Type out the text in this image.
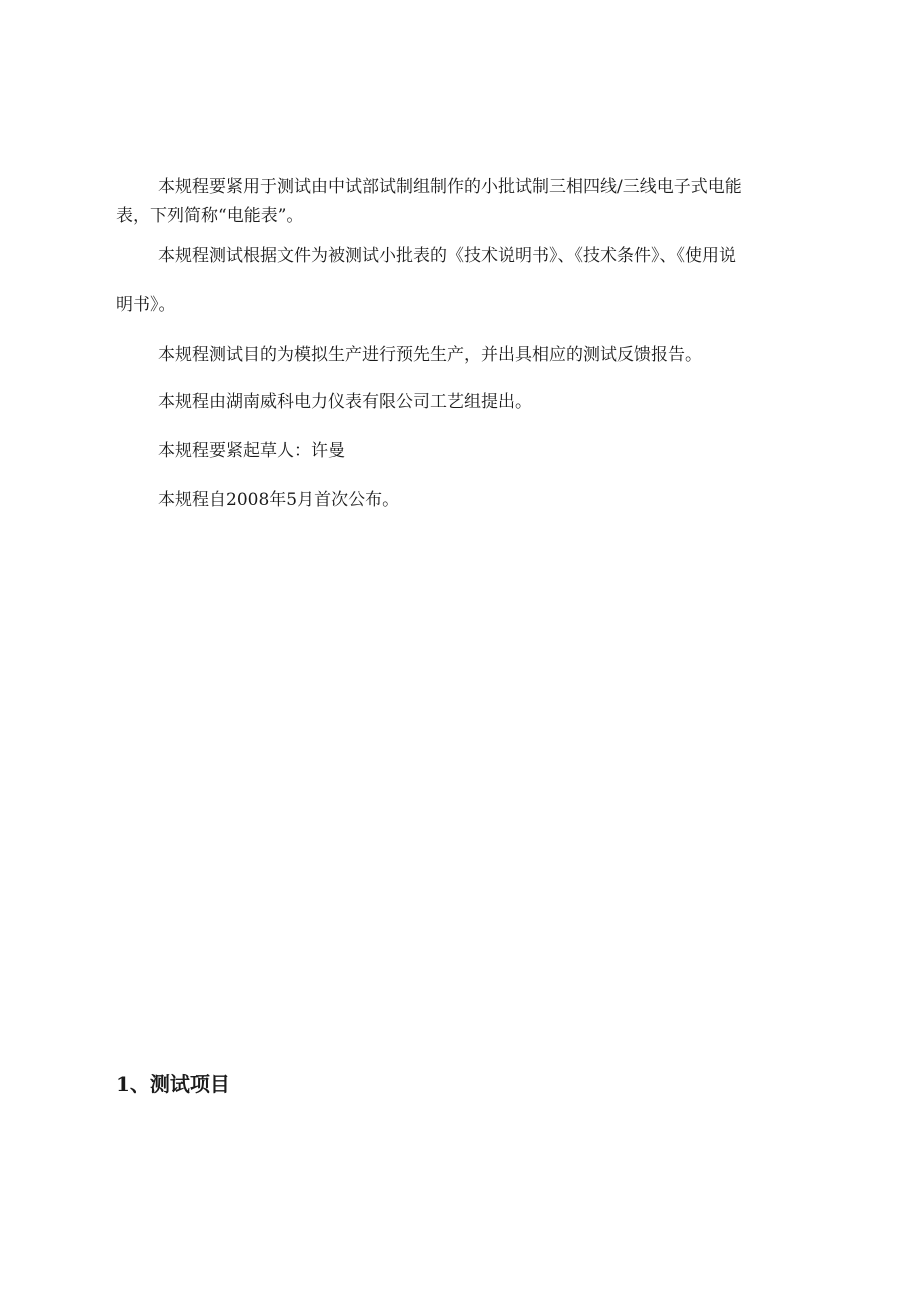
本规程要紧用于测试由中试部试制组制作的小批试制三相四线/三线电子式电能

表，下列简称“电能表”。

本规程测试根据文件为被测试小批表的《技术说明书》、《技术条件》、《使用说

明书》。

本规程测试目的为模拟生产进行预先生产，并出具相应的测试反馈报告。

本规程由湖南威科电力仪表有限公司工艺组提出。

本规程要紧起草人：许曼

本规程自2008年5月首次公布。

1、测试项目
